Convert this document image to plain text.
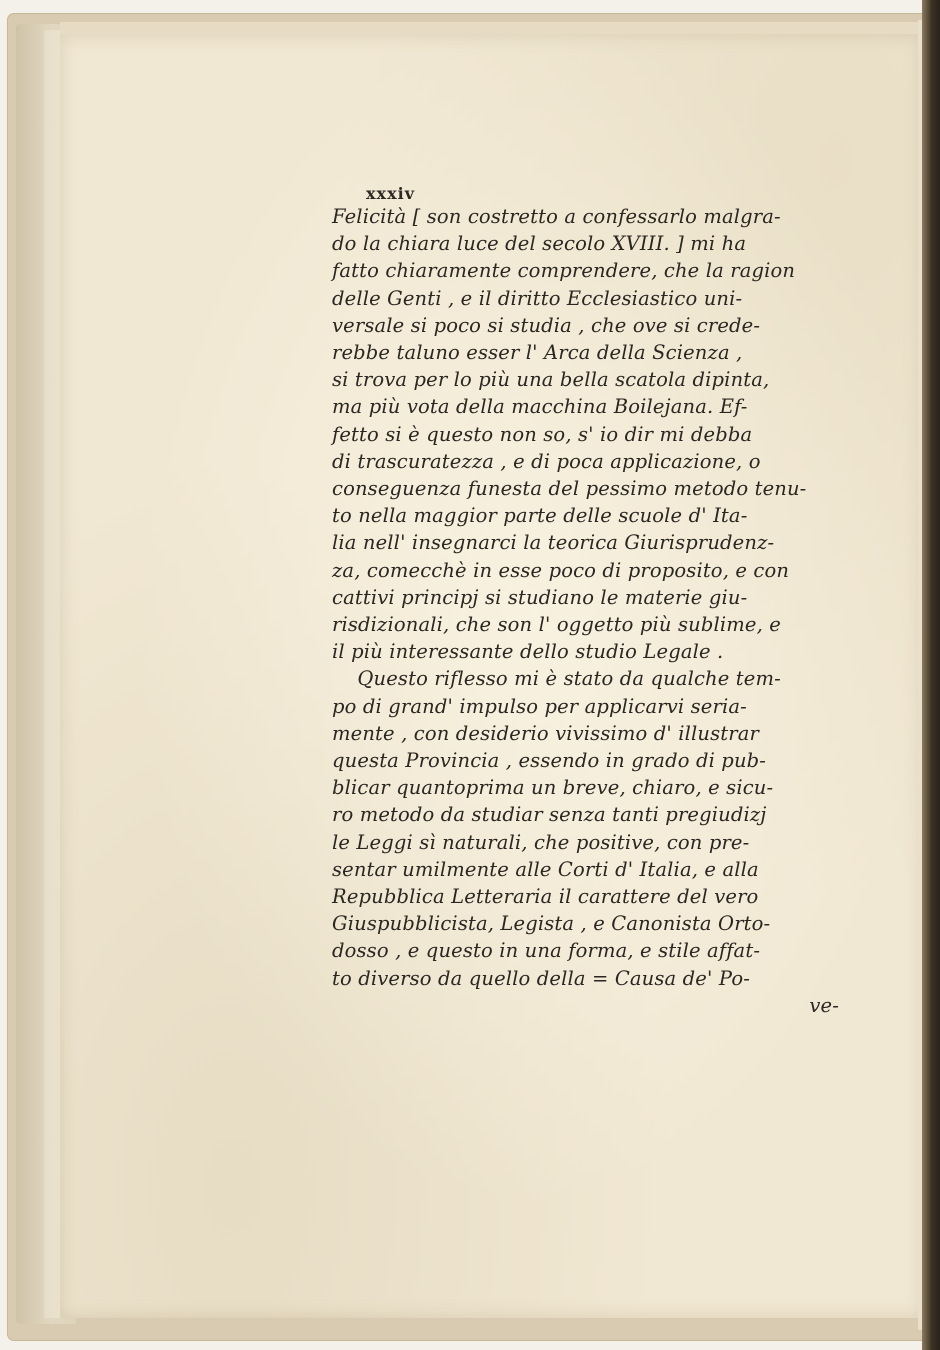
xxxiv
Felicità [ son costretto a confessarlo malgra-
do la chiara luce del secolo XVIII. ] mi ha
fatto chiaramente comprendere, che la ragion
delle Genti , e il diritto Ecclesiastico uni-
versale si poco si studia , che ove si crede-
rebbe taluno esser l' Arca della Scienza ,
si trova per lo più una bella scatola dipinta,
ma più vota della macchina Boilejana. Ef-
fetto si è questo non so, s' io dir mi debba
di trascuratezza , e di poca applicazione, o
conseguenza funesta del pessimo metodo tenu-
to nella maggior parte delle scuole d' Ita-
lia nell' insegnarci la teorica Giurisprudenz-
za, comecchè in esse poco di proposito, e con
cattivi principj si studiano le materie giu-
risdizionali, che son l' oggetto più sublime, e
il più interessante dello studio Legale .
Questo riflesso mi è stato da qualche tem-
po di grand' impulso per applicarvi seria-
mente , con desiderio vivissimo d' illustrar
questa Provincia , essendo in grado di pub-
blicar quantoprima un breve, chiaro, e sicu-
ro metodo da studiar senza tanti pregiudizj
le Leggi sì naturali, che positive, con pre-
sentar umilmente alle Corti d' Italia, e alla
Repubblica Letteraria il carattere del vero
Giuspubblicista, Legista , e Canonista Orto-
dosso , e questo in una forma, e stile affat-
to diverso da quello della = Causa de' Po-
ve-
